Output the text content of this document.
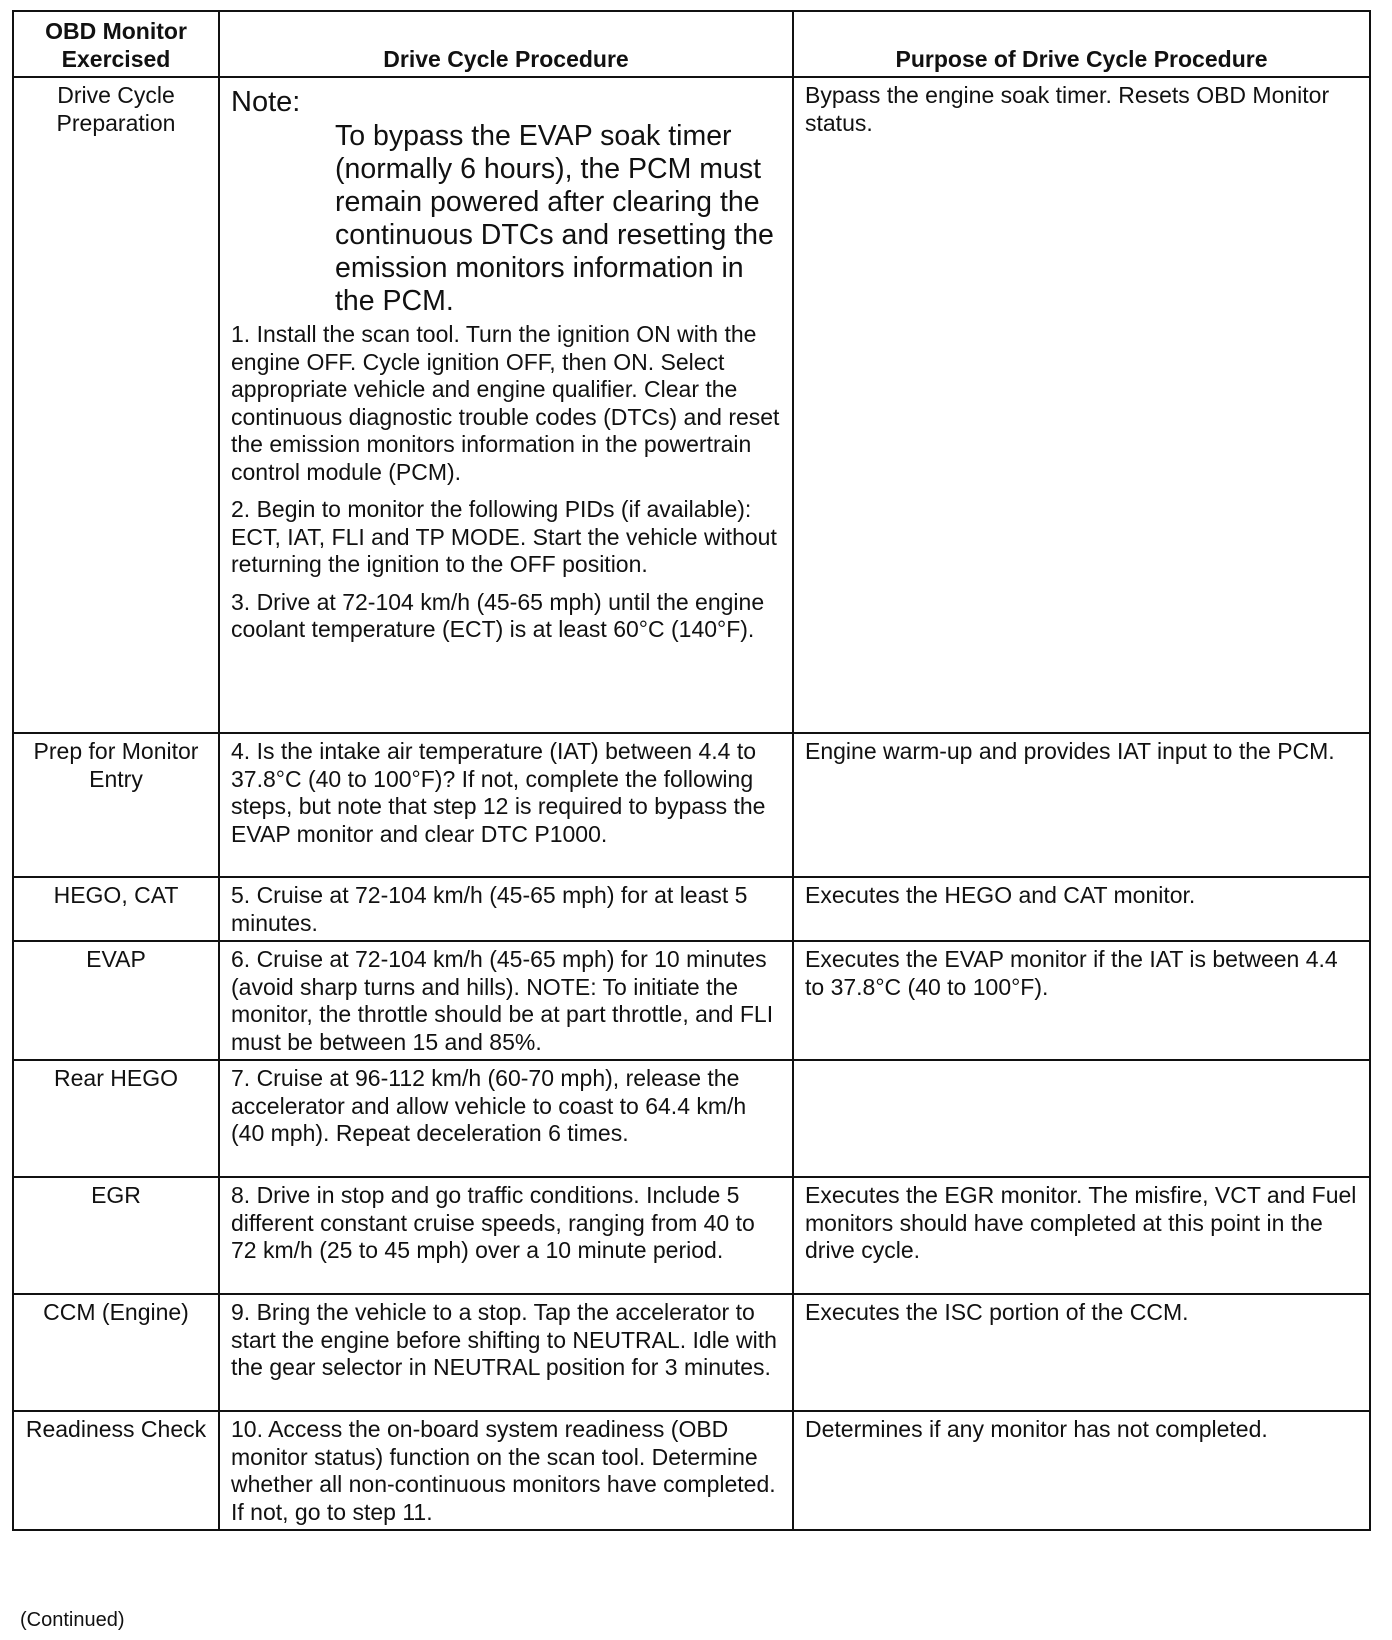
OBD Monitor Exercised	Drive Cycle Procedure	Purpose of Drive Cycle Procedure
Drive Cycle Preparation	Note:
To bypass the EVAP soak timer (normally 6 hours), the PCM must remain powered after clearing the continuous DTCs and resetting the emission monitors information in the PCM.
1. Install the scan tool. Turn the ignition ON with the engine OFF. Cycle ignition OFF, then ON. Select appropriate vehicle and engine qualifier. Clear the continuous diagnostic trouble codes (DTCs) and reset the emission monitors information in the powertrain control module (PCM).
2. Begin to monitor the following PIDs (if available): ECT, IAT, FLI and TP MODE. Start the vehicle without returning the ignition to the OFF position.
3. Drive at 72-104 km/h (45-65 mph) until the engine coolant temperature (ECT) is at least 60°C (140°F).	Bypass the engine soak timer. Resets OBD Monitor status.
Prep for Monitor Entry	4. Is the intake air temperature (IAT) between 4.4 to 37.8°C (40 to 100°F)? If not, complete the following steps, but note that step 12 is required to bypass the EVAP monitor and clear DTC P1000.	Engine warm-up and provides IAT input to the PCM.
HEGO, CAT	5. Cruise at 72-104 km/h (45-65 mph) for at least 5 minutes.	Executes the HEGO and CAT monitor.
EVAP	6. Cruise at 72-104 km/h (45-65 mph) for 10 minutes (avoid sharp turns and hills). NOTE: To initiate the monitor, the throttle should be at part throttle, and FLI must be between 15 and 85%.	Executes the EVAP monitor if the IAT is between 4.4 to 37.8°C (40 to 100°F).
Rear HEGO	7. Cruise at 96-112 km/h (60-70 mph), release the accelerator and allow vehicle to coast to 64.4 km/h (40 mph). Repeat deceleration 6 times.	
EGR	8. Drive in stop and go traffic conditions. Include 5 different constant cruise speeds, ranging from 40 to 72 km/h (25 to 45 mph) over a 10 minute period.	Executes the EGR monitor. The misfire, VCT and Fuel monitors should have completed at this point in the drive cycle.
CCM (Engine)	9. Bring the vehicle to a stop. Tap the accelerator to start the engine before shifting to NEUTRAL. Idle with the gear selector in NEUTRAL position for 3 minutes.	Executes the ISC portion of the CCM.
Readiness Check	10. Access the on-board system readiness (OBD monitor status) function on the scan tool. Determine whether all non-continuous monitors have completed. If not, go to step 11.	Determines if any monitor has not completed.
(Continued)
